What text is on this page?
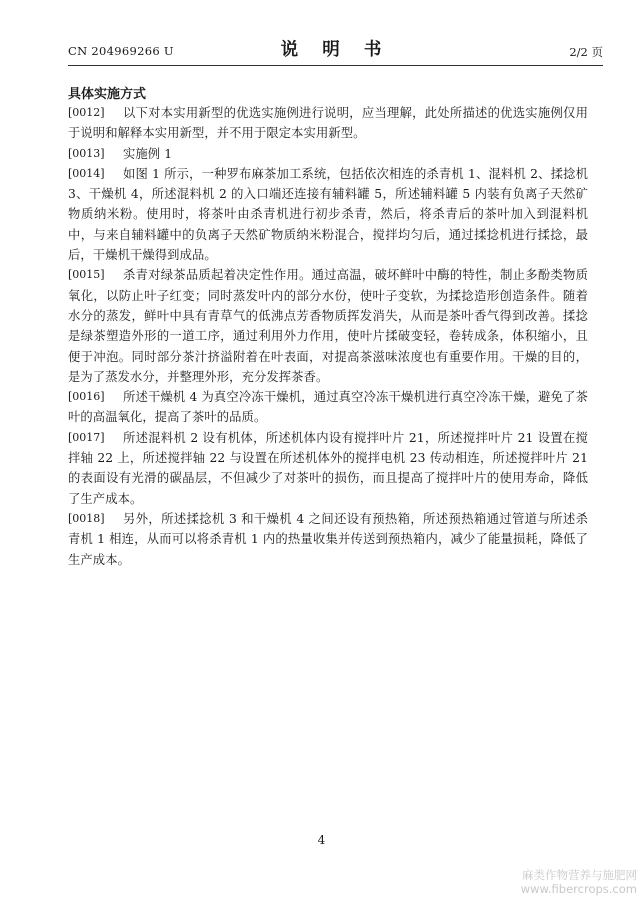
CN 204969266 U	说 明 书	2/2 页
具体实施方式

[0012]	以下对本实用新型的优选实施例进行说明，应当理解，此处所描述的优选实施例仅用于说明和解释本实用新型，并不用于限定本实用新型。

[0013]	实施例 1

[0014]	如图 1 所示，一种罗布麻茶加工系统，包括依次相连的杀青机 1、混料机 2、揉捻机 3、干燥机 4，所述混料机 2 的入口端还连接有辅料罐 5，所述辅料罐 5 内装有负离子天然矿物质纳米粉。使用时，将茶叶由杀青机进行初步杀青，然后，将杀青后的茶叶加入到混料机中，与来自辅料罐中的负离子天然矿物质纳米粉混合，搅拌均匀后，通过揉捻机进行揉捻，最后，干燥机干燥得到成品。

[0015]	杀青对绿茶品质起着决定性作用。通过高温，破坏鲜叶中酶的特性，制止多酚类物质氧化，以防止叶子红变；同时蒸发叶内的部分水份，使叶子变软，为揉捻造形创造条件。随着水分的蒸发，鲜叶中具有青草气的低沸点芳香物质挥发消失，从而是茶叶香气得到改善。揉捻是绿茶塑造外形的一道工序，通过利用外力作用，使叶片揉破变轻，卷转成条，体积缩小，且便于冲泡。同时部分茶汁挤溢附着在叶表面，对提高茶滋味浓度也有重要作用。干燥的目的，是为了蒸发水分，并整理外形，充分发挥茶香。

[0016]	所述干燥机 4 为真空冷冻干燥机，通过真空冷冻干燥机进行真空冷冻干燥，避免了茶叶的高温氧化，提高了茶叶的品质。

[0017]	所述混料机 2 设有机体，所述机体内设有搅拌叶片 21，所述搅拌叶片 21 设置在搅拌轴 22 上，所述搅拌轴 22 与设置在所述机体外的搅拌电机 23 传动相连，所述搅拌叶片 21 的表面设有光滑的碳晶层，不但减少了对茶叶的损伤，而且提高了搅拌叶片的使用寿命，降低了生产成本。

[0018]	另外，所述揉捻机 3 和干燥机 4 之间还设有预热箱，所述预热箱通过管道与所述杀青机 1 相连，从而可以将杀青机 1 内的热量收集并传送到预热箱内，减少了能量损耗，降低了生产成本。

4
麻类作物营养与施肥网
www.fibercrops.com
